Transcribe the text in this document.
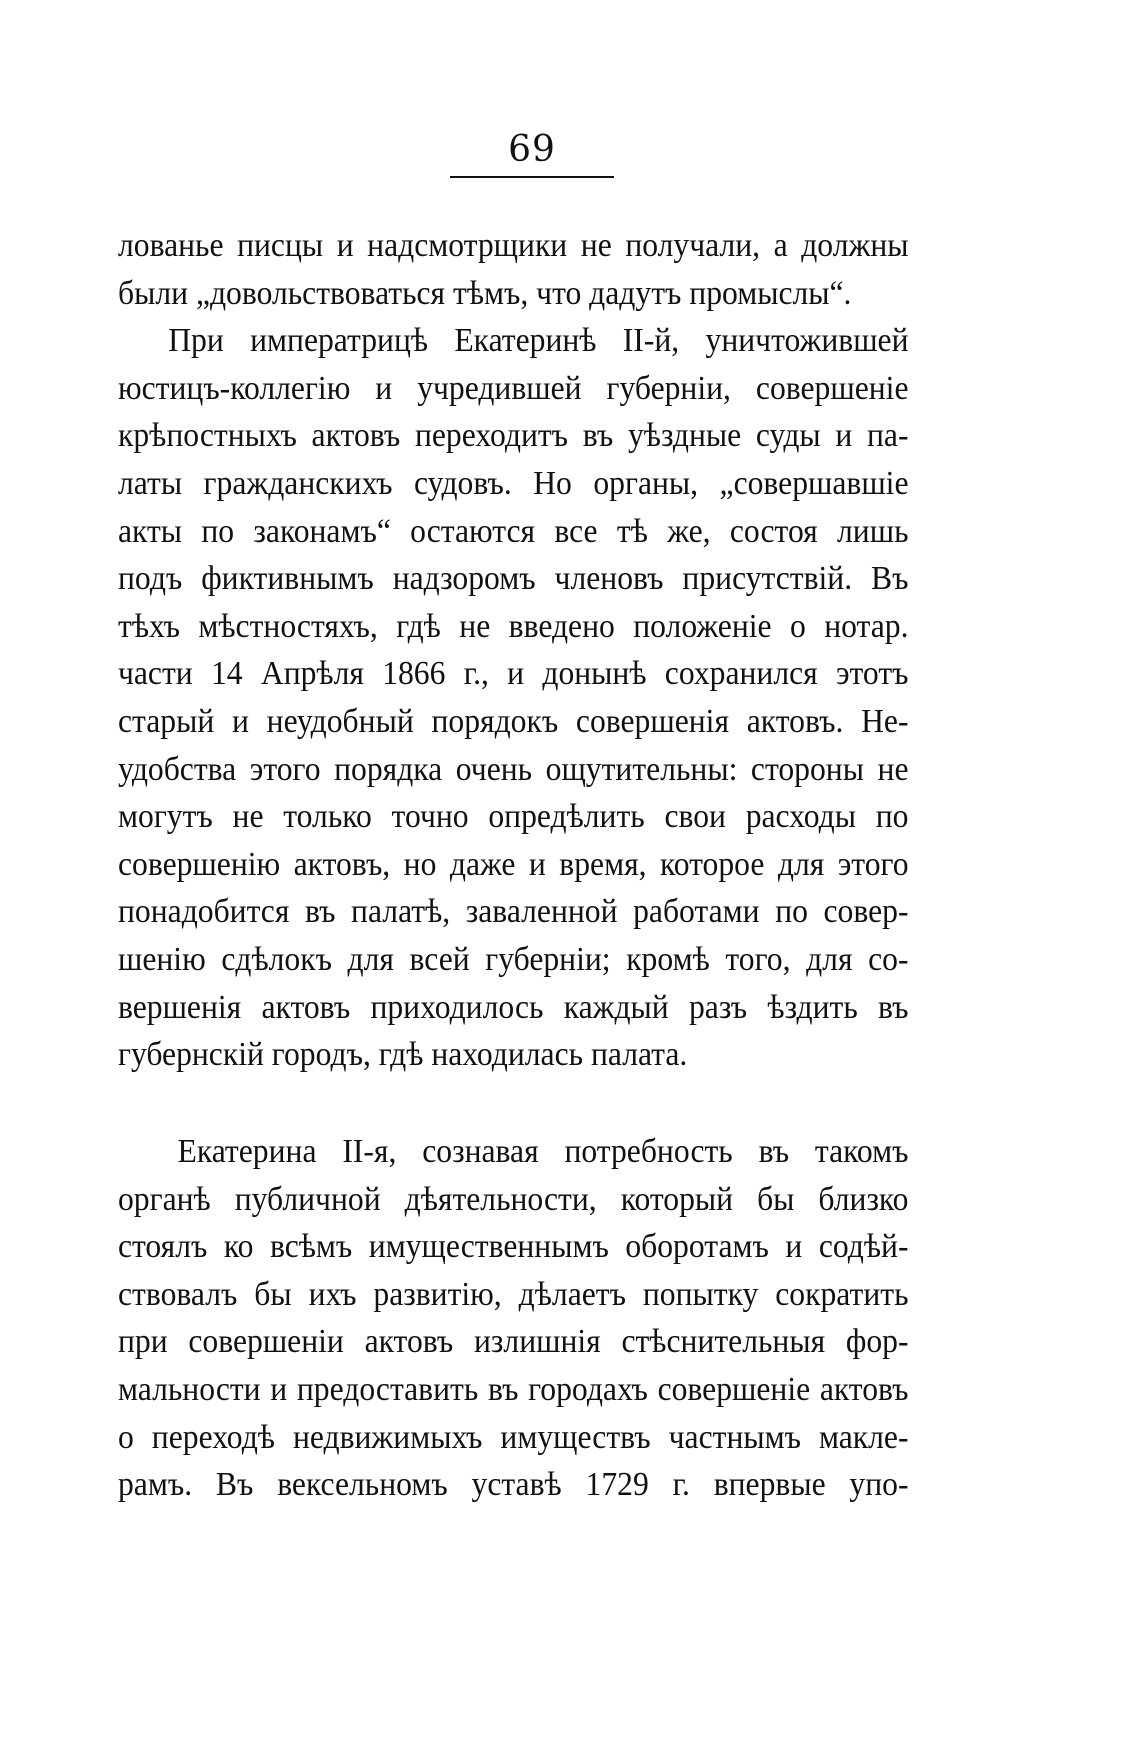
69
лованье писцы и надсмотрщики не получали, а должны
были „довольствоваться тѣмъ, что дадутъ промыслы“.
При императрицѣ Екатеринѣ II-й, уничтожившей
юстицъ-коллегію и учредившей губерніи, совершеніе
крѣпостныхъ актовъ переходитъ въ уѣздные суды и па-
латы гражданскихъ судовъ. Но органы, „совершавшіе
акты по законамъ“ остаются все тѣ же, состоя лишь
подъ фиктивнымъ надзоромъ членовъ присутствій. Въ
тѣхъ мѣстностяхъ, гдѣ не введено положеніе о нотар.
части 14 Апрѣля 1866 г., и донынѣ сохранился этотъ
старый и неудобный порядокъ совершенія актовъ. Не-
удобства этого порядка очень ощутительны: стороны не
могутъ не только точно опредѣлить свои расходы по
совершенію актовъ, но даже и время, которое для этого
понадобится въ палатѣ, заваленной работами по совер-
шенію сдѣлокъ для всей губерніи; кромѣ того, для со-
вершенія актовъ приходилось каждый разъ ѣздить въ
губернскій городъ, гдѣ находилась палата.
Екатерина II-я, сознавая потребность въ такомъ
органѣ публичной дѣятельности, который бы близко
стоялъ ко всѣмъ имущественнымъ оборотамъ и содѣй-
ствовалъ бы ихъ развитію, дѣлаетъ попытку сократить
при совершеніи актовъ излишнія стѣснительныя фор-
мальности и предоставить въ городахъ совершеніе актовъ
о переходѣ недвижимыхъ имуществъ частнымъ макле-
рамъ. Въ вексельномъ уставѣ 1729 г. впервые упо-
